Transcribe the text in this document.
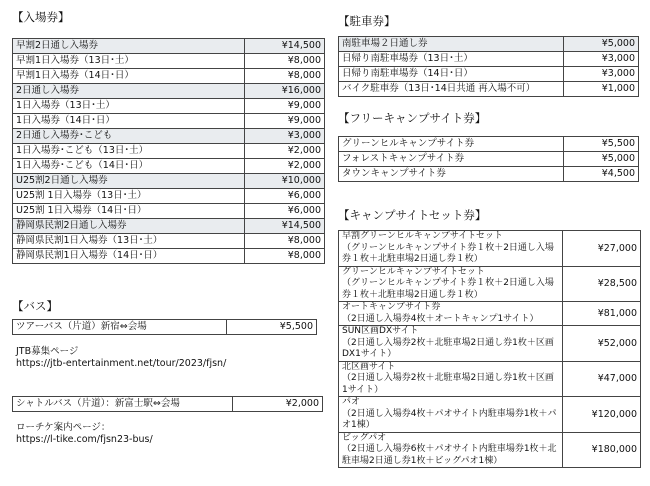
【入場券】
早割2日通し入場券	¥14,500
早割1日入場券（13日･土）	¥8,000
早割1日入場券（14日･日）	¥8,000
2日通し入場券	¥16,000
1日入場券（13日･土）	¥9,000
1日入場券（14日･日）	¥9,000
2日通し入場券･こども	¥3,000
1日入場券･こども（13日･土）	¥2,000
1日入場券･こども（14日･日）	¥2,000
U25割2日通し入場券	¥10,000
U25割 1日入場券（13日･土）	¥6,000
U25割 1日入場券（14日･日）	¥6,000
静岡県民割2日通し入場券	¥14,500
静岡県民割1日入場券（13日･土）	¥8,000
静岡県民割1日入場券（14日･日）	¥8,000
【バス】
ツアーバス（片道）新宿⇔会場	¥5,500
JTB募集ページ
https://jtb-entertainment.net/tour/2023/fjsn/
シャトルバス（片道）：新富士駅⇔会場	¥2,000
ローチケ案内ページ：
https://l-tike.com/fjsn23-bus/
【駐車券】
南駐車場２日通し券	¥5,000
日帰り南駐車場券（13日･土）	¥3,000
日帰り南駐車場券（14日･日）	¥3,000
バイク駐車券（13日･14日共通 再入場不可）	¥1,000
【フリーキャンプサイト券】
グリーンヒルキャンプサイト券	¥5,500
フォレストキャンプサイト券	¥5,000
タウンキャンプサイト券	¥4,500
【キャンプサイトセット券】
早割グリーンヒルキャンプサイトセット
（グリーンヒルキャンプサイト券１枚＋2日通し入場券１枚＋北駐車場2日通し券１枚）	¥27,000

グリーンヒルキャンプサイトセット
（グリーンヒルキャンプサイト券１枚＋2日通し入場券１枚＋北駐車場2日通し券１枚）	¥28,500

オートキャンプサイト券
（2日通し入場券4枚＋オートキャンプ1サイト）	¥81,000

SUN区画DXサイト
（2日通し入場券2枚＋北駐車場2日通し券1枚＋区画DX1サイト）	¥52,000

北区画サイト
（2日通し入場券2枚＋北駐車場2日通し券1枚＋区画1サイト）	¥47,000

パオ
（2日通し入場券4枚＋パオサイト内駐車場券1枚＋パオ1棟）	¥120,000

ビッグパオ
（2日通し入場券6枚＋パオサイト内駐車場券1枚＋北駐車場2日通し券1枚＋ビッグパオ1棟）	¥180,000
